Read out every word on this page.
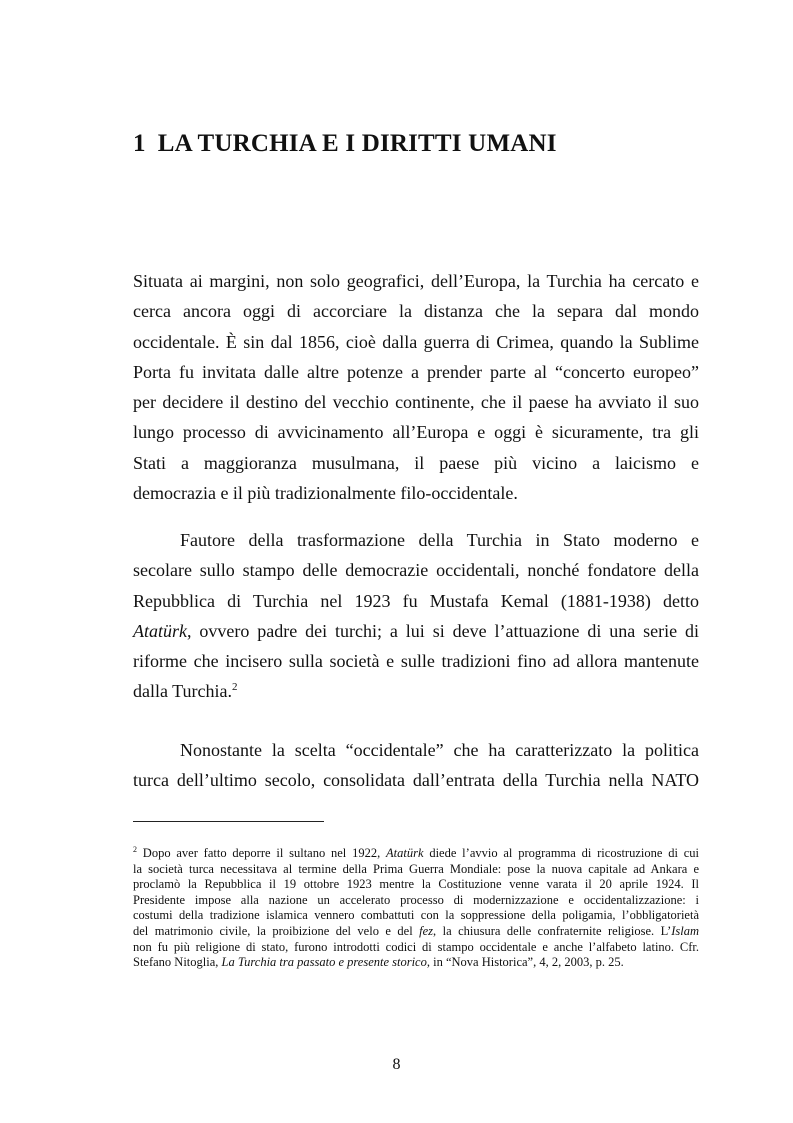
1 LA TURCHIA E I DIRITTI UMANI

Situata ai margini, non solo geografici, dell’Europa, la Turchia ha cercato e
cerca ancora oggi di accorciare la distanza che la separa dal mondo
occidentale. È sin dal 1856, cioè dalla guerra di Crimea, quando la Sublime
Porta fu invitata dalle altre potenze a prender parte al “concerto europeo”
per decidere il destino del vecchio continente, che il paese ha avviato il suo
lungo processo di avvicinamento all’Europa e oggi è sicuramente, tra gli
Stati a maggioranza musulmana, il paese più vicino a laicismo e
democrazia e il più tradizionalmente filo-occidentale.

Fautore della trasformazione della Turchia in Stato moderno e
secolare sullo stampo delle democrazie occidentali, nonché fondatore della
Repubblica di Turchia nel 1923 fu Mustafa Kemal (1881-1938) detto
Atatürk, ovvero padre dei turchi; a lui si deve l’attuazione di una serie di
riforme che incisero sulla società e sulle tradizioni fino ad allora mantenute
dalla Turchia.$^2$

Nonostante la scelta “occidentale” che ha caratterizzato la politica
turca dell’ultimo secolo, consolidata dall’entrata della Turchia nella NATO

$^2$ Dopo aver fatto deporre il sultano nel 1922, Atatürk diede l’avvio al programma di ricostruzione di cui
la società turca necessitava al termine della Prima Guerra Mondiale: pose la nuova capitale ad Ankara e
proclamò la Repubblica il 19 ottobre 1923 mentre la Costituzione venne varata il 20 aprile 1924. Il
Presidente impose alla nazione un accelerato processo di modernizzazione e occidentalizzazione: i
costumi della tradizione islamica vennero combattuti con la soppressione della poligamia, l’obbligatorietà
del matrimonio civile, la proibizione del velo e del fez, la chiusura delle confraternite religiose. L’Islam
non fu più religione di stato, furono introdotti codici di stampo occidentale e anche l’alfabeto latino. Cfr.
Stefano Nitoglia, La Turchia tra passato e presente storico, in “Nova Historica”, 4, 2, 2003, p. 25.

8
